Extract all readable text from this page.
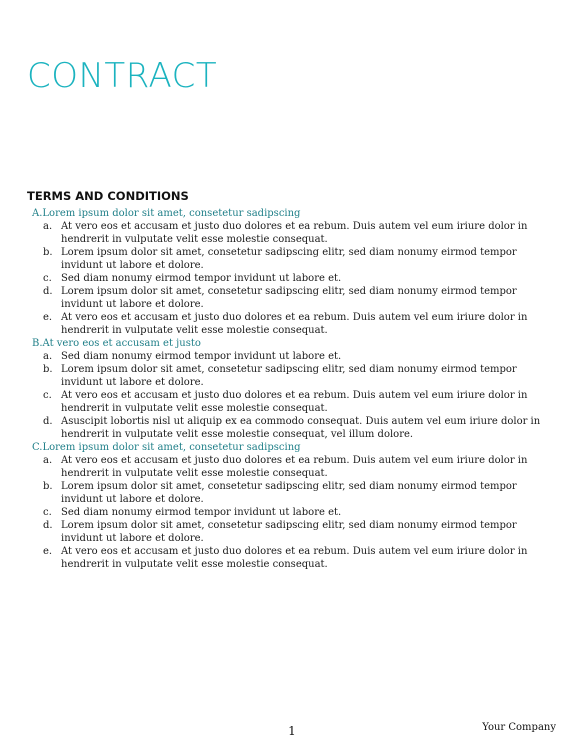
CONTRACT
TERMS AND CONDITIONS

A.Lorem ipsum dolor sit amet, consetetur sadipscing

a. At vero eos et accusam et justo duo dolores et ea rebum. Duis autem vel eum iriure dolor in hendrerit in vulputate velit esse molestie consequat.
b. Lorem ipsum dolor sit amet, consetetur sadipscing elitr, sed diam nonumy eirmod tempor invidunt ut labore et dolore.
c. Sed diam nonumy eirmod tempor invidunt ut labore et.
d. Lorem ipsum dolor sit amet, consetetur sadipscing elitr, sed diam nonumy eirmod tempor invidunt ut labore et dolore.
e. At vero eos et accusam et justo duo dolores et ea rebum. Duis autem vel eum iriure dolor in hendrerit in vulputate velit esse molestie consequat.

B.At vero eos et accusam et justo

a. Sed diam nonumy eirmod tempor invidunt ut labore et.
b. Lorem ipsum dolor sit amet, consetetur sadipscing elitr, sed diam nonumy eirmod tempor invidunt ut labore et dolore.
c. At vero eos et accusam et justo duo dolores et ea rebum. Duis autem vel eum iriure dolor in hendrerit in vulputate velit esse molestie consequat.
d. Asuscipit lobortis nisl ut aliquip ex ea commodo consequat. Duis autem vel eum iriure dolor in hendrerit in vulputate velit esse molestie consequat, vel illum dolore.

C.Lorem ipsum dolor sit amet, consetetur sadipscing

a. At vero eos et accusam et justo duo dolores et ea rebum. Duis autem vel eum iriure dolor in hendrerit in vulputate velit esse molestie consequat.
b. Lorem ipsum dolor sit amet, consetetur sadipscing elitr, sed diam nonumy eirmod tempor invidunt ut labore et dolore.
c. Sed diam nonumy eirmod tempor invidunt ut labore et.
d. Lorem ipsum dolor sit amet, consetetur sadipscing elitr, sed diam nonumy eirmod tempor invidunt ut labore et dolore.
e. At vero eos et accusam et justo duo dolores et ea rebum. Duis autem vel eum iriure dolor in hendrerit in vulputate velit esse molestie consequat.
1	Your Company
